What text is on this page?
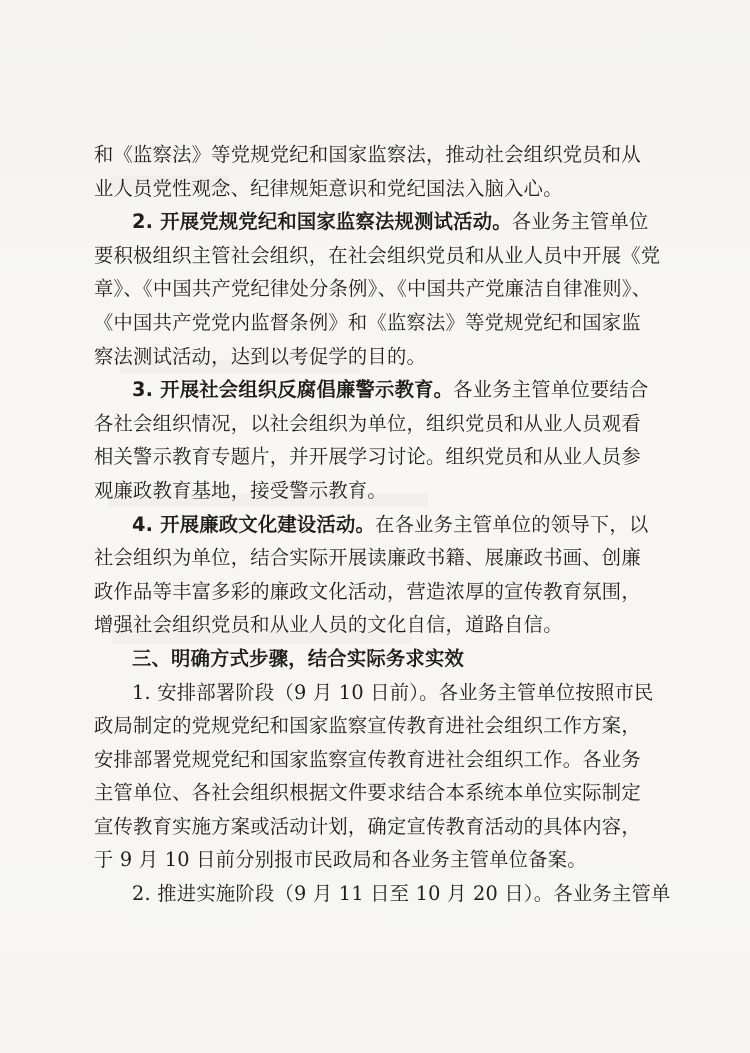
和《监察法》等党规党纪和国家监察法，推动社会组织党员和从
业人员党性观念、纪律规矩意识和党纪国法入脑入心。
2. 开展党规党纪和国家监察法规测试活动。各业务主管单位
要积极组织主管社会组织，在社会组织党员和从业人员中开展《党
章》、《中国共产党纪律处分条例》、《中国共产党廉洁自律准则》、
《中国共产党党内监督条例》和《监察法》等党规党纪和国家监
察法测试活动，达到以考促学的目的。
3. 开展社会组织反腐倡廉警示教育。各业务主管单位要结合
各社会组织情况，以社会组织为单位，组织党员和从业人员观看
相关警示教育专题片，并开展学习讨论。组织党员和从业人员参
观廉政教育基地，接受警示教育。
4. 开展廉政文化建设活动。在各业务主管单位的领导下，以
社会组织为单位，结合实际开展读廉政书籍、展廉政书画、创廉
政作品等丰富多彩的廉政文化活动，营造浓厚的宣传教育氛围，
增强社会组织党员和从业人员的文化自信，道路自信。
三、明确方式步骤，结合实际务求实效
1. 安排部署阶段（9 月 10 日前）。各业务主管单位按照市民
政局制定的党规党纪和国家监察宣传教育进社会组织工作方案，
安排部署党规党纪和国家监察宣传教育进社会组织工作。各业务
主管单位、各社会组织根据文件要求结合本系统本单位实际制定
宣传教育实施方案或活动计划，确定宣传教育活动的具体内容，
于 9 月 10 日前分别报市民政局和各业务主管单位备案。
2. 推进实施阶段（9 月 11 日至 10 月 20 日）。各业务主管单
